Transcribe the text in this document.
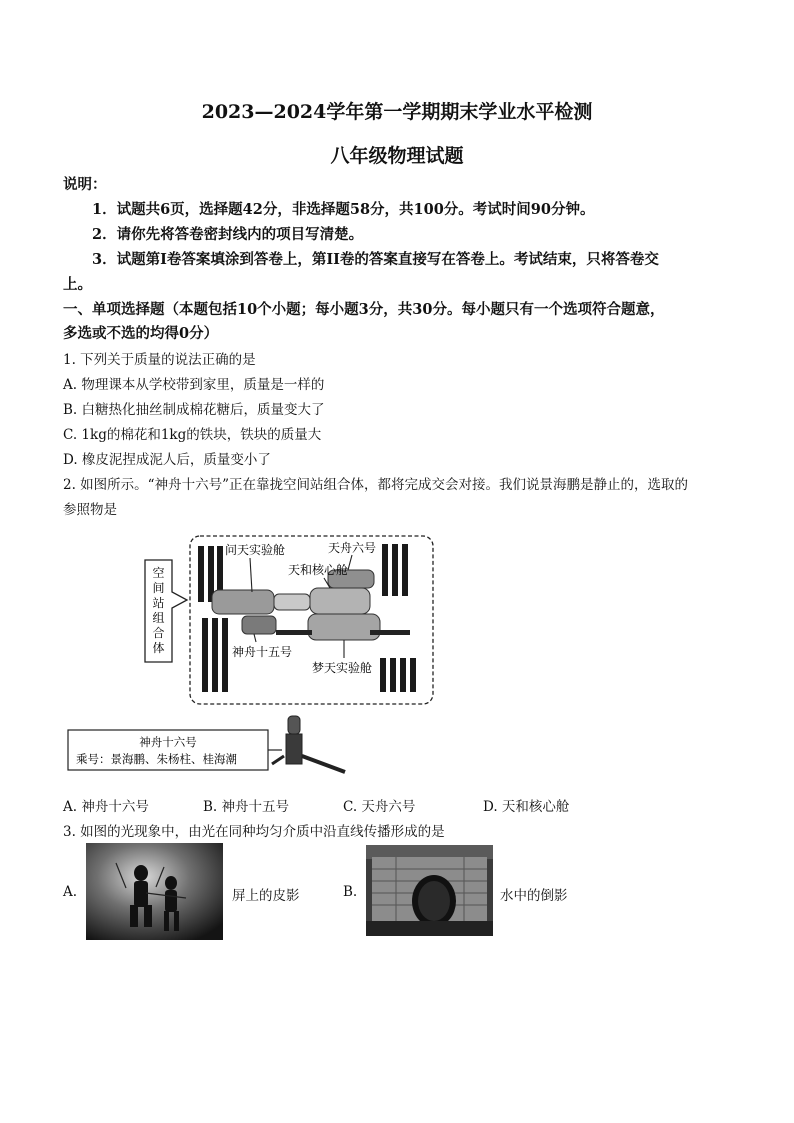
2023—2024学年第一学期期末学业水平检测
八年级物理试题
说明：
1．试题共6页，选择题42分，非选择题58分，共100分。考试时间90分钟。
2．请你先将答卷密封线内的项目写清楚。
3．试题第I卷答案填涂到答卷上，第II卷的答案直接写在答卷上。考试结束，只将答卷交
上。
一、单项选择题（本题包括10个小题；每小题3分，共30分。每小题只有一个选项符合题意，
多选或不选的均得0分）
1. 下列关于质量的说法正确的是
A. 物理课本从学校带到家里，质量是一样的
B. 白糖热化抽丝制成棉花糖后，质量变大了
C. 1kg的棉花和1kg的铁块，铁块的质量大
D. 橡皮泥捏成泥人后，质量变小了
2. 如图所示。“神舟十六号”正在靠拢空间站组合体，都将完成交会对接。我们说景海鹏是静止的，选取的
参照物是
空
间
站
组
合
体
问天实验舱	天舟六号
天和核心舱
神舟十五号
梦天实验舱
神舟十六号
乘号：景海鹏、朱杨柱、桂海潮
A. 神舟十六号	B. 神舟十五号	C. 天舟六号	D. 天和核心舱
3. 如图的光现象中，由光在同种均匀介质中沿直线传播形成的是
A.	屏上的皮影	B.	水中的倒影
